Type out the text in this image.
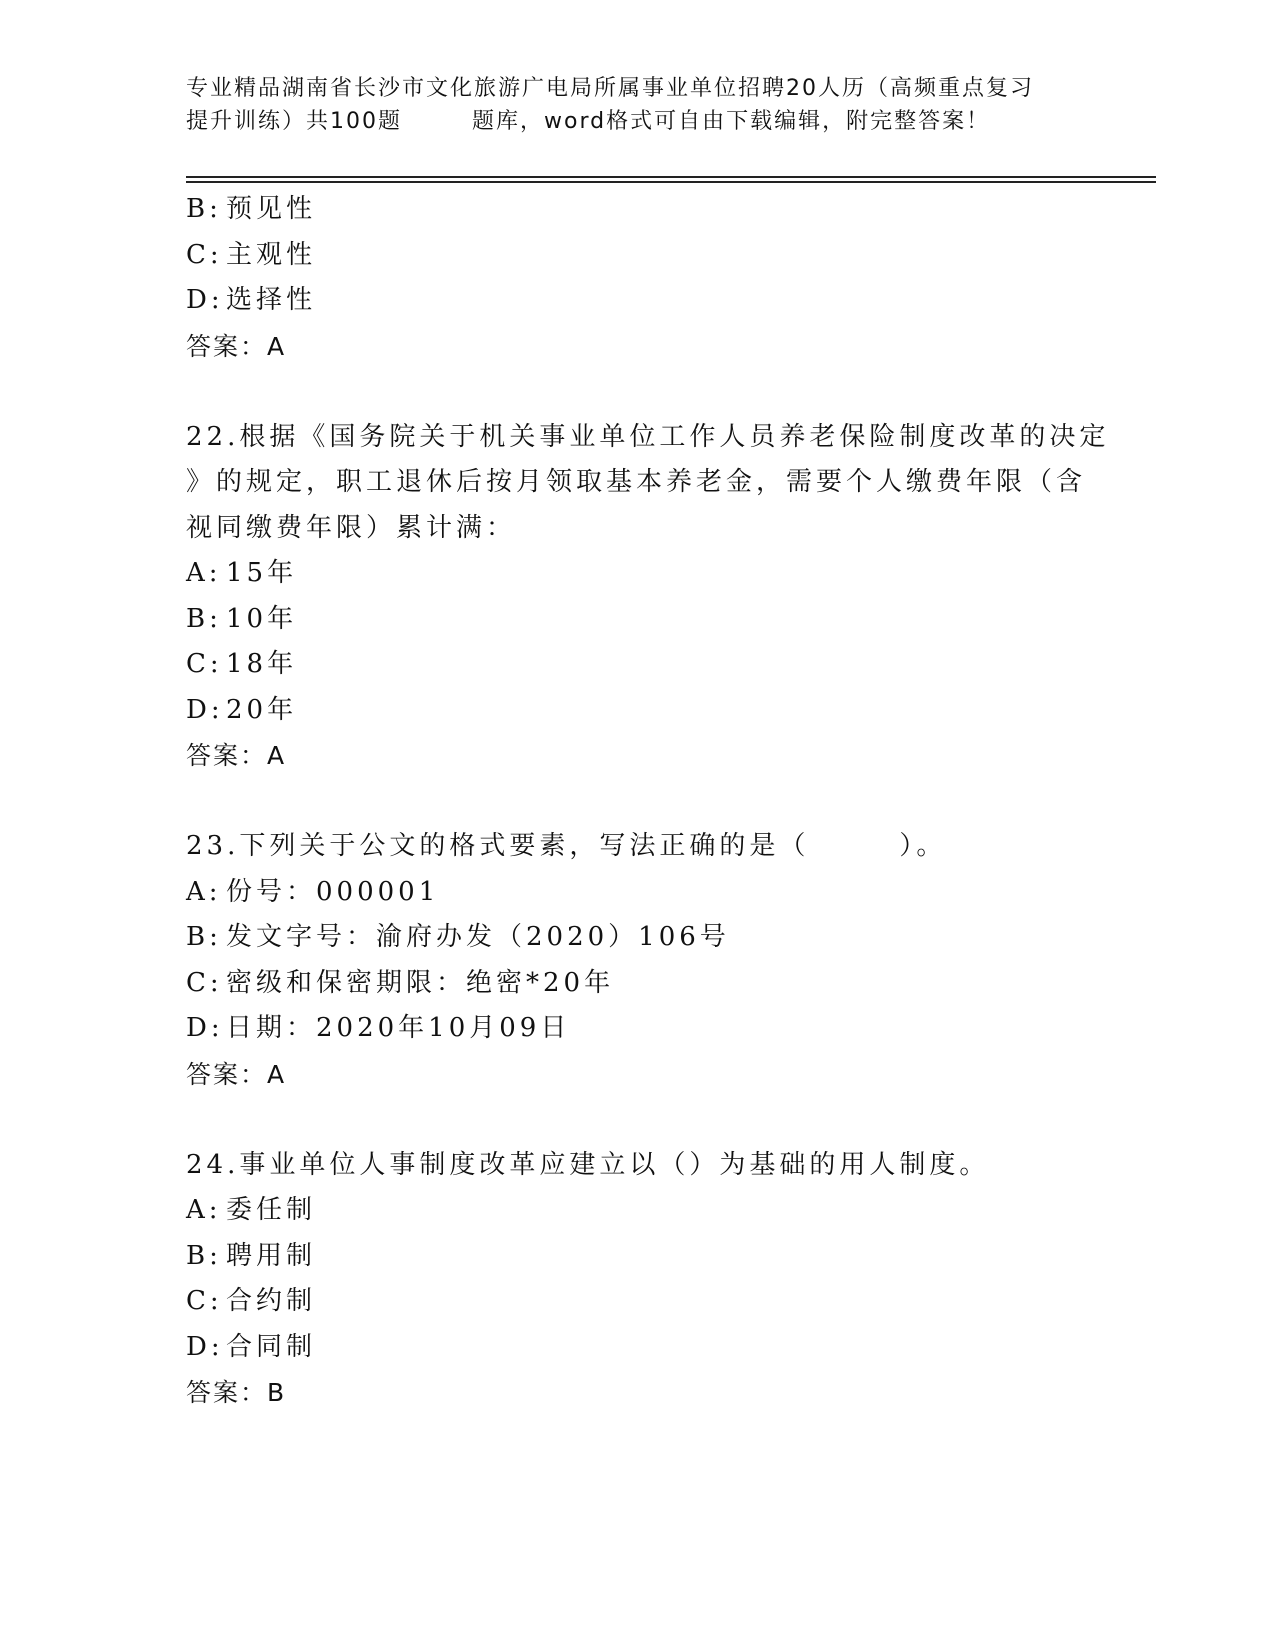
专业精品湖南省长沙市文化旅游广电局所属事业单位招聘20人历（高频重点复习
提升训练）共100题	题库，word格式可自由下载编辑，附完整答案！
B: 预见性
C: 主观性
D:选择性
答案：A
22.根据《国务院关于机关事业单位工作人员养老保险制度改革的决定
》的规定，职工退休后按月领取基本养老金，需要个人缴费年限（含
视同缴费年限）累计满：
A: 15年
B: 10年
C: 18年
D:20年
答案：A
23.下列关于公文的格式要素，写法正确的是（　　　）。
A: 份号：000001
B: 发文字号：渝府办发（2020）106号
C: 密级和保密期限：绝密*20年
D:日期：2020年10月09日
答案：A
24.事业单位人事制度改革应建立以（）为基础的用人制度。
A: 委任制
B: 聘用制
C: 合约制
D:合同制
答案：B
